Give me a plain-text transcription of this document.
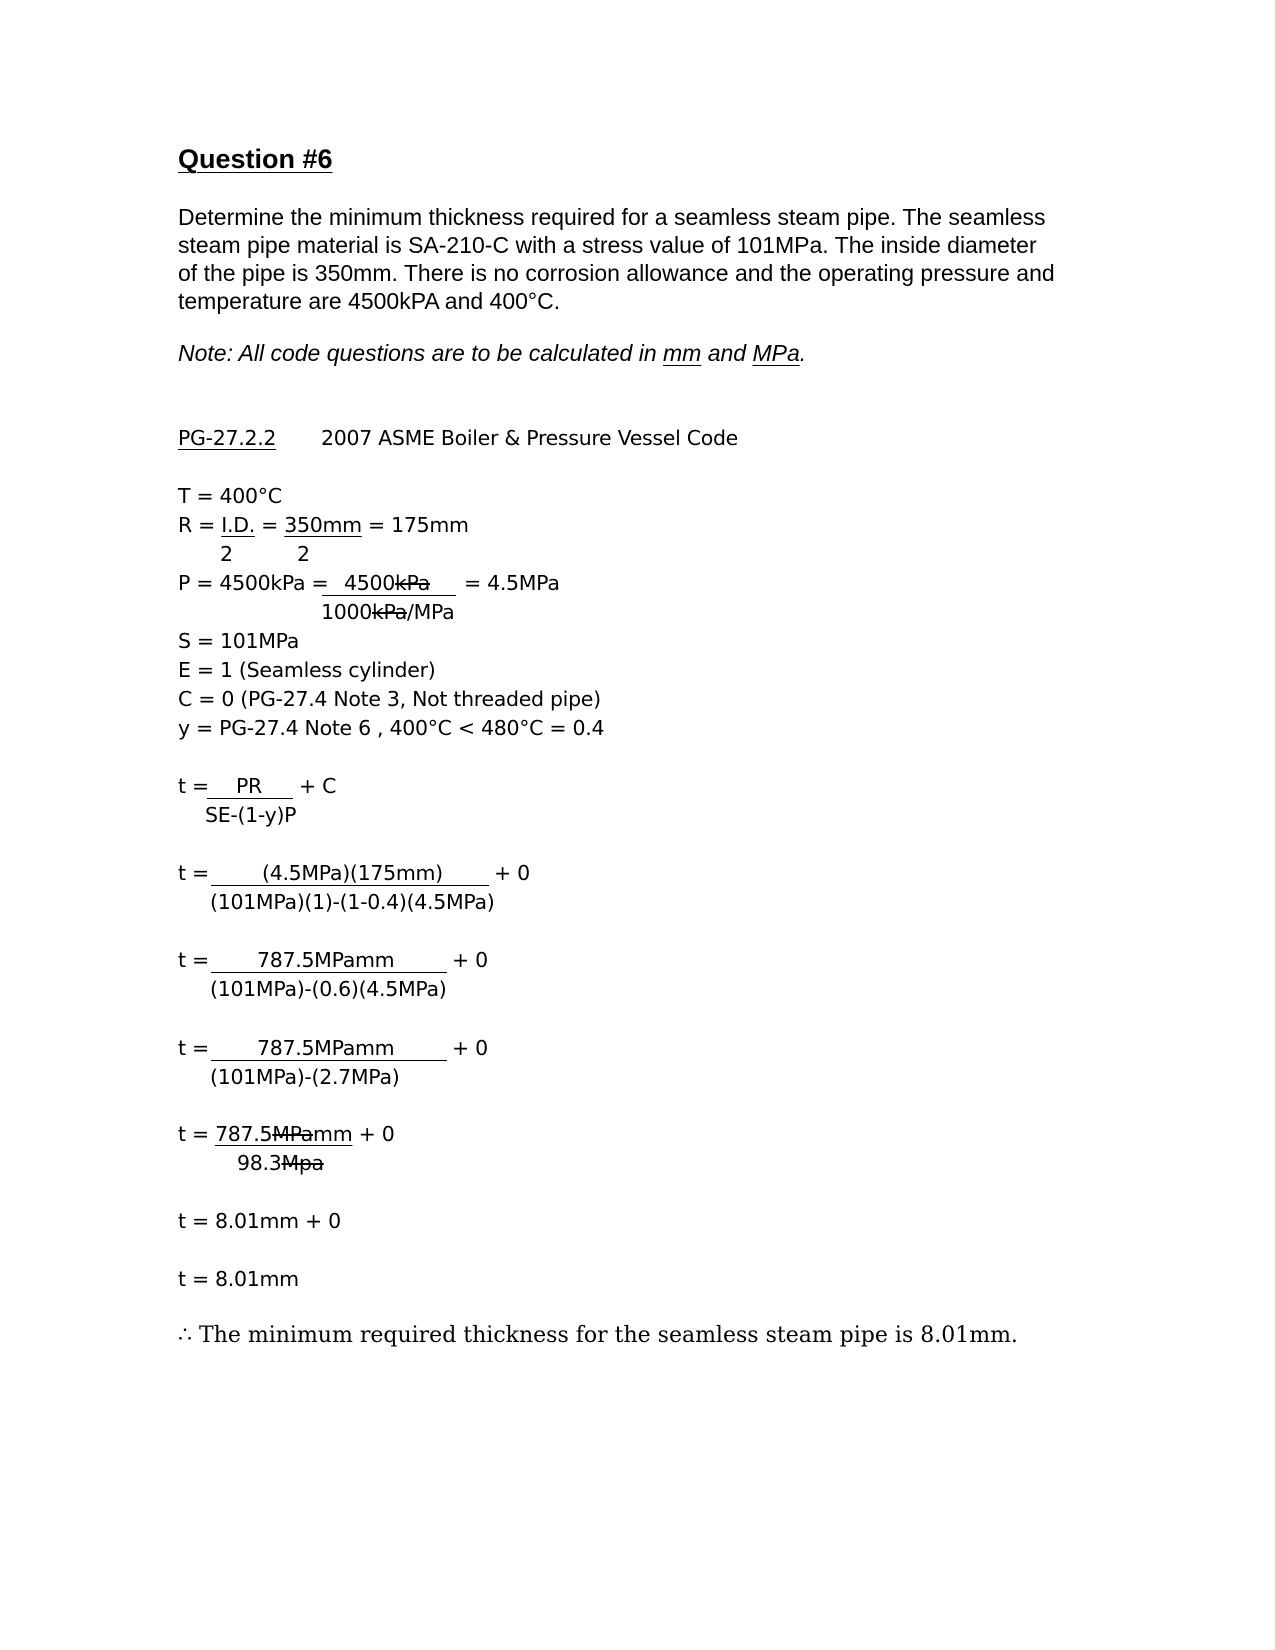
Question #6
Determine the minimum thickness required for a seamless steam pipe. The seamless steam pipe material is SA-210-C with a stress value of 101MPa. The inside diameter of the pipe is 350mm. There is no corrosion allowance and the operating pressure and temperature are 4500kPA and 400°C.
Note: All code questions are to be calculated in mm and MPa.
PG-27.2.2 2007 ASME Boiler & Pressure Vessel Code
T = 400°C
R = I.D. = 350mm = 175mm
2	2
P = 4500kPa = 4500kPa = 4.5MPa
1000kPa/MPa
S = 101MPa
E = 1 (Seamless cylinder)
C = 0 (PG-27.4 Note 3, Not threaded pipe)
y = PG-27.4 Note 6 , 400°C < 480°C = 0.4
t = PR + C
SE-(1-y)P
t =	(4.5MPa)(175mm) + 0
(101MPa)(1)-(1-0.4)(4.5MPa)
t = 787.5MPamm	+ 0
(101MPa)-(0.6)(4.5MPa)
t = 787.5MPamm	+ 0
(101MPa)-(2.7MPa)
t = 787.5MPamm + 0
98.3Mpa
t = 8.01mm + 0
t = 8.01mm
∴ The minimum required thickness for the seamless steam pipe is 8.01mm.
